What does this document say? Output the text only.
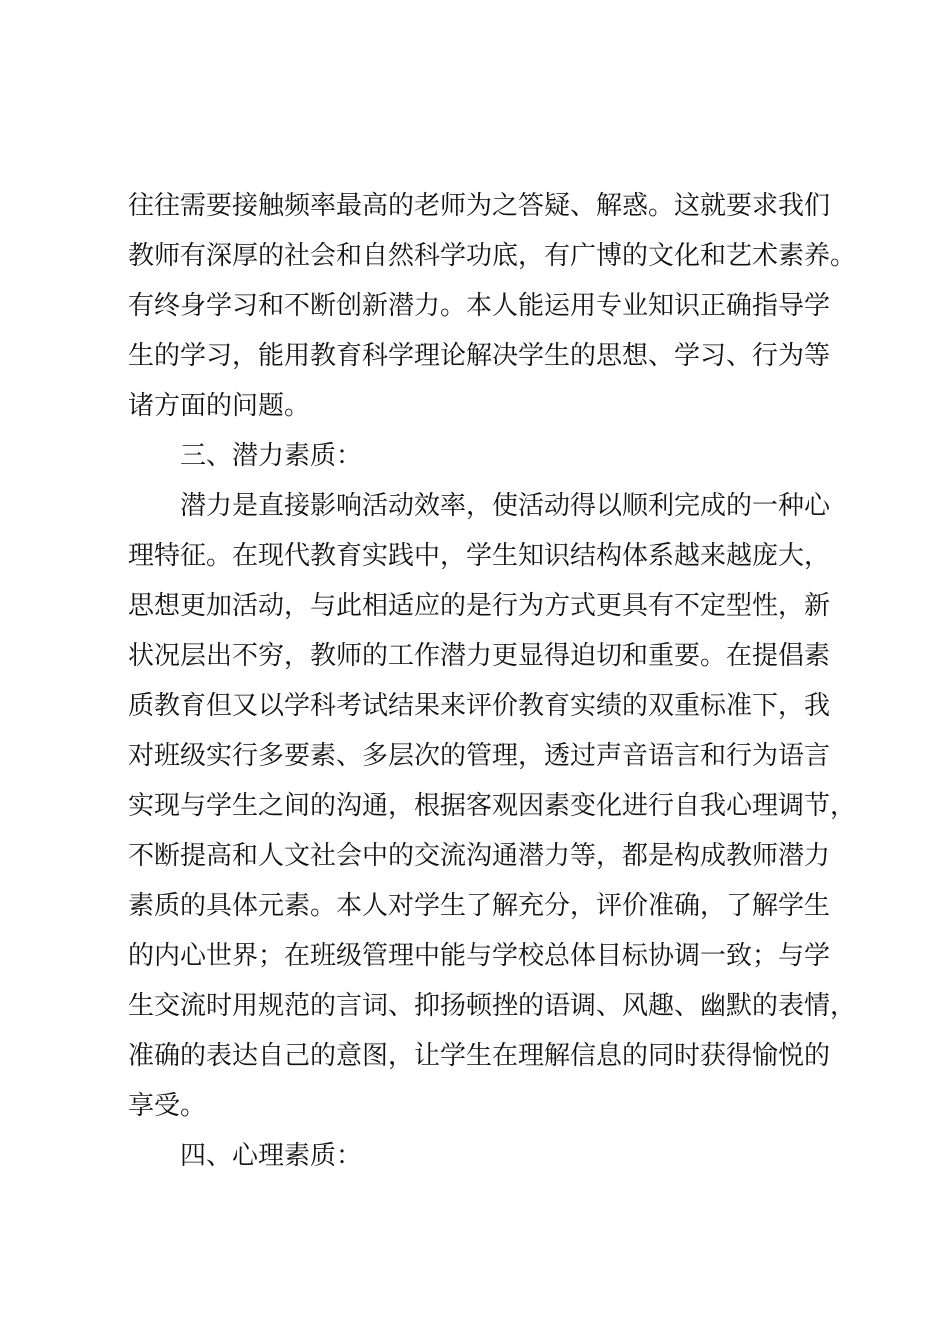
往往需要接触频率最高的老师为之答疑、解惑。这就要求我们
教师有深厚的社会和自然科学功底，有广博的文化和艺术素养。
有终身学习和不断创新潜力。本人能运用专业知识正确指导学
生的学习，能用教育科学理论解决学生的思想、学习、行为等
诸方面的问题。
三、潜力素质：
潜力是直接影响活动效率，使活动得以顺利完成的一种心
理特征。在现代教育实践中，学生知识结构体系越来越庞大，
思想更加活动，与此相适应的是行为方式更具有不定型性，新
状况层出不穷，教师的工作潜力更显得迫切和重要。在提倡素
质教育但又以学科考试结果来评价教育实绩的双重标准下，我
对班级实行多要素、多层次的管理，透过声音语言和行为语言
实现与学生之间的沟通，根据客观因素变化进行自我心理调节，
不断提高和人文社会中的交流沟通潜力等，都是构成教师潜力
素质的具体元素。本人对学生了解充分，评价准确，了解学生
的内心世界；在班级管理中能与学校总体目标协调一致；与学
生交流时用规范的言词、抑扬顿挫的语调、风趣、幽默的表情，
准确的表达自己的意图，让学生在理解信息的同时获得愉悦的
享受。
四、心理素质：
